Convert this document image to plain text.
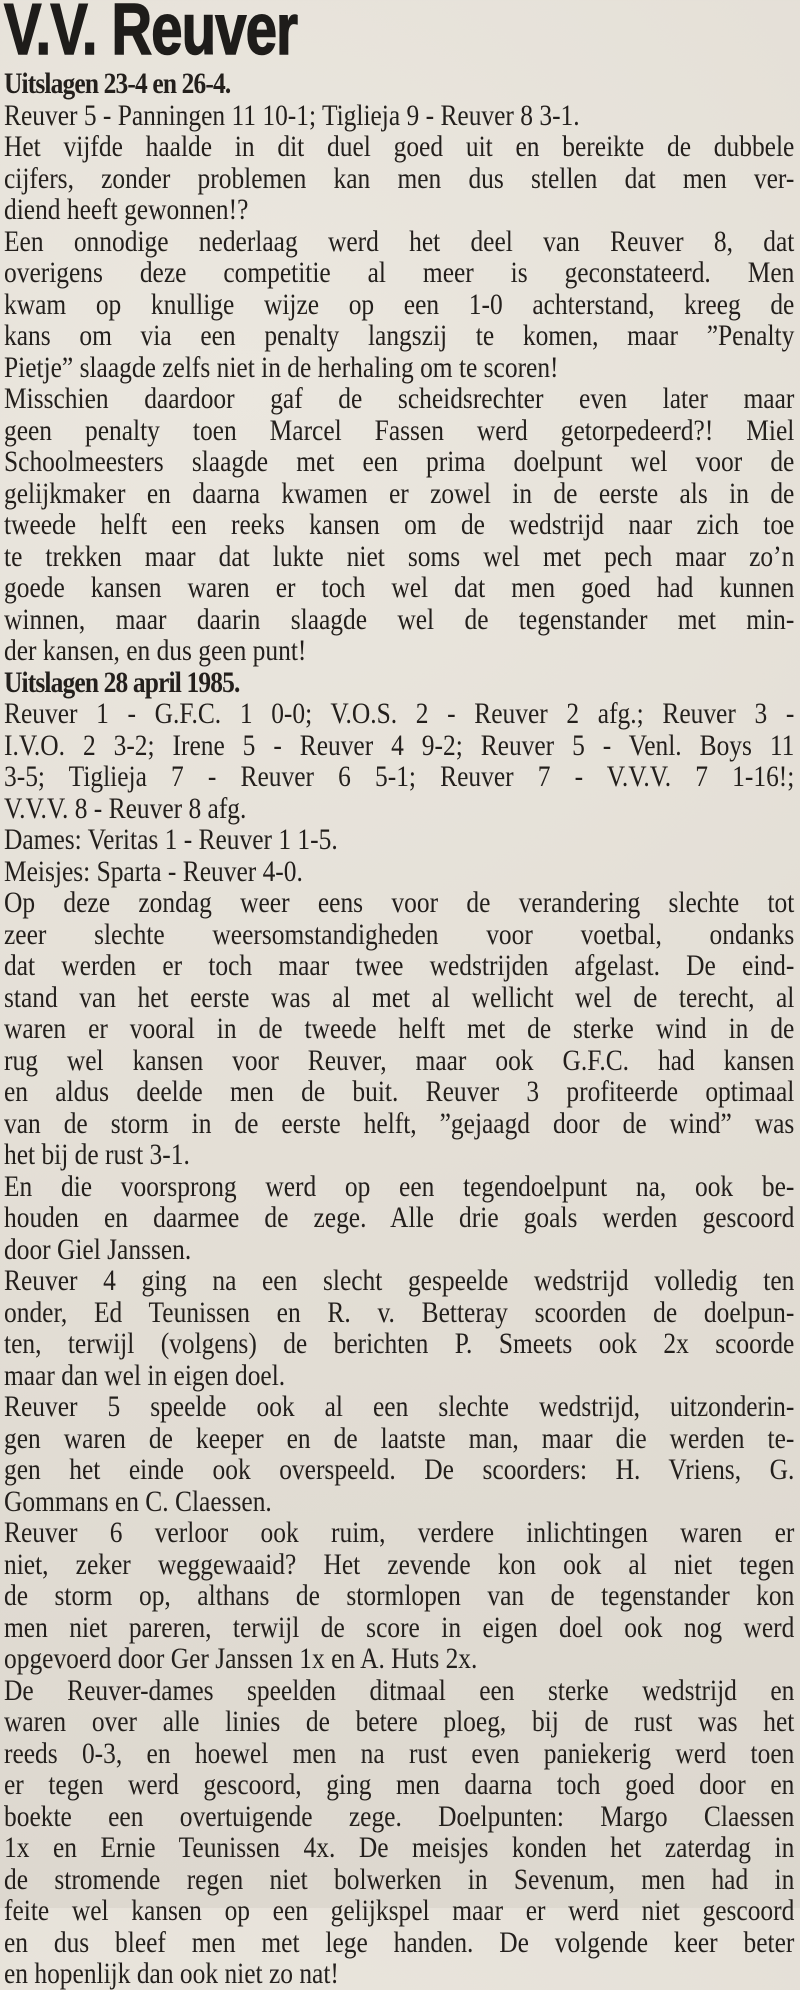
V.V. Reuver
Uitslagen 23-4 en 26-4.
Reuver 5 - Panningen 11 10-1; Tiglieja 9 - Reuver 8 3-1.
Het vijfde haalde in dit duel goed uit en bereikte de dubbele
cijfers, zonder problemen kan men dus stellen dat men ver-
diend heeft gewonnen!?
Een onnodige nederlaag werd het deel van Reuver 8, dat
overigens deze competitie al meer is geconstateerd. Men
kwam op knullige wijze op een 1-0 achterstand, kreeg de
kans om via een penalty langszij te komen, maar ”Penalty
Pietje” slaagde zelfs niet in de herhaling om te scoren!
Misschien daardoor gaf de scheidsrechter even later maar
geen penalty toen Marcel Fassen werd getorpedeerd?! Miel
Schoolmeesters slaagde met een prima doelpunt wel voor de
gelijkmaker en daarna kwamen er zowel in de eerste als in de
tweede helft een reeks kansen om de wedstrijd naar zich toe
te trekken maar dat lukte niet soms wel met pech maar zo’n
goede kansen waren er toch wel dat men goed had kunnen
winnen, maar daarin slaagde wel de tegenstander met min-
der kansen, en dus geen punt!
Uitslagen 28 april 1985.
Reuver 1 - G.F.C. 1 0-0; V.O.S. 2 - Reuver 2 afg.; Reuver 3 -
I.V.O. 2 3-2; Irene 5 - Reuver 4 9-2; Reuver 5 - Venl. Boys 11
3-5; Tiglieja 7 - Reuver 6 5-1; Reuver 7 - V.V.V. 7 1-16!;
V.V.V. 8 - Reuver 8 afg.
Dames: Veritas 1 - Reuver 1 1-5.
Meisjes: Sparta - Reuver 4-0.
Op deze zondag weer eens voor de verandering slechte tot
zeer slechte weersomstandigheden voor voetbal, ondanks
dat werden er toch maar twee wedstrijden afgelast. De eind-
stand van het eerste was al met al wellicht wel de terecht, al
waren er vooral in de tweede helft met de sterke wind in de
rug wel kansen voor Reuver, maar ook G.F.C. had kansen
en aldus deelde men de buit. Reuver 3 profiteerde optimaal
van de storm in de eerste helft, ”gejaagd door de wind” was
het bij de rust 3-1.
En die voorsprong werd op een tegendoelpunt na, ook be-
houden en daarmee de zege. Alle drie goals werden gescoord
door Giel Janssen.
Reuver 4 ging na een slecht gespeelde wedstrijd volledig ten
onder, Ed Teunissen en R. v. Betteray scoorden de doelpun-
ten, terwijl (volgens) de berichten P. Smeets ook 2x scoorde
maar dan wel in eigen doel.
Reuver 5 speelde ook al een slechte wedstrijd, uitzonderin-
gen waren de keeper en de laatste man, maar die werden te-
gen het einde ook overspeeld. De scoorders: H. Vriens, G.
Gommans en C. Claessen.
Reuver 6 verloor ook ruim, verdere inlichtingen waren er
niet, zeker weggewaaid? Het zevende kon ook al niet tegen
de storm op, althans de stormlopen van de tegenstander kon
men niet pareren, terwijl de score in eigen doel ook nog werd
opgevoerd door Ger Janssen 1x en A. Huts 2x.
De Reuver-dames speelden ditmaal een sterke wedstrijd en
waren over alle linies de betere ploeg, bij de rust was het
reeds 0-3, en hoewel men na rust even paniekerig werd toen
er tegen werd gescoord, ging men daarna toch goed door en
boekte een overtuigende zege. Doelpunten: Margo Claessen
1x en Ernie Teunissen 4x. De meisjes konden het zaterdag in
de stromende regen niet bolwerken in Sevenum, men had in
feite wel kansen op een gelijkspel maar er werd niet gescoord
en dus bleef men met lege handen. De volgende keer beter
en hopenlijk dan ook niet zo nat!
